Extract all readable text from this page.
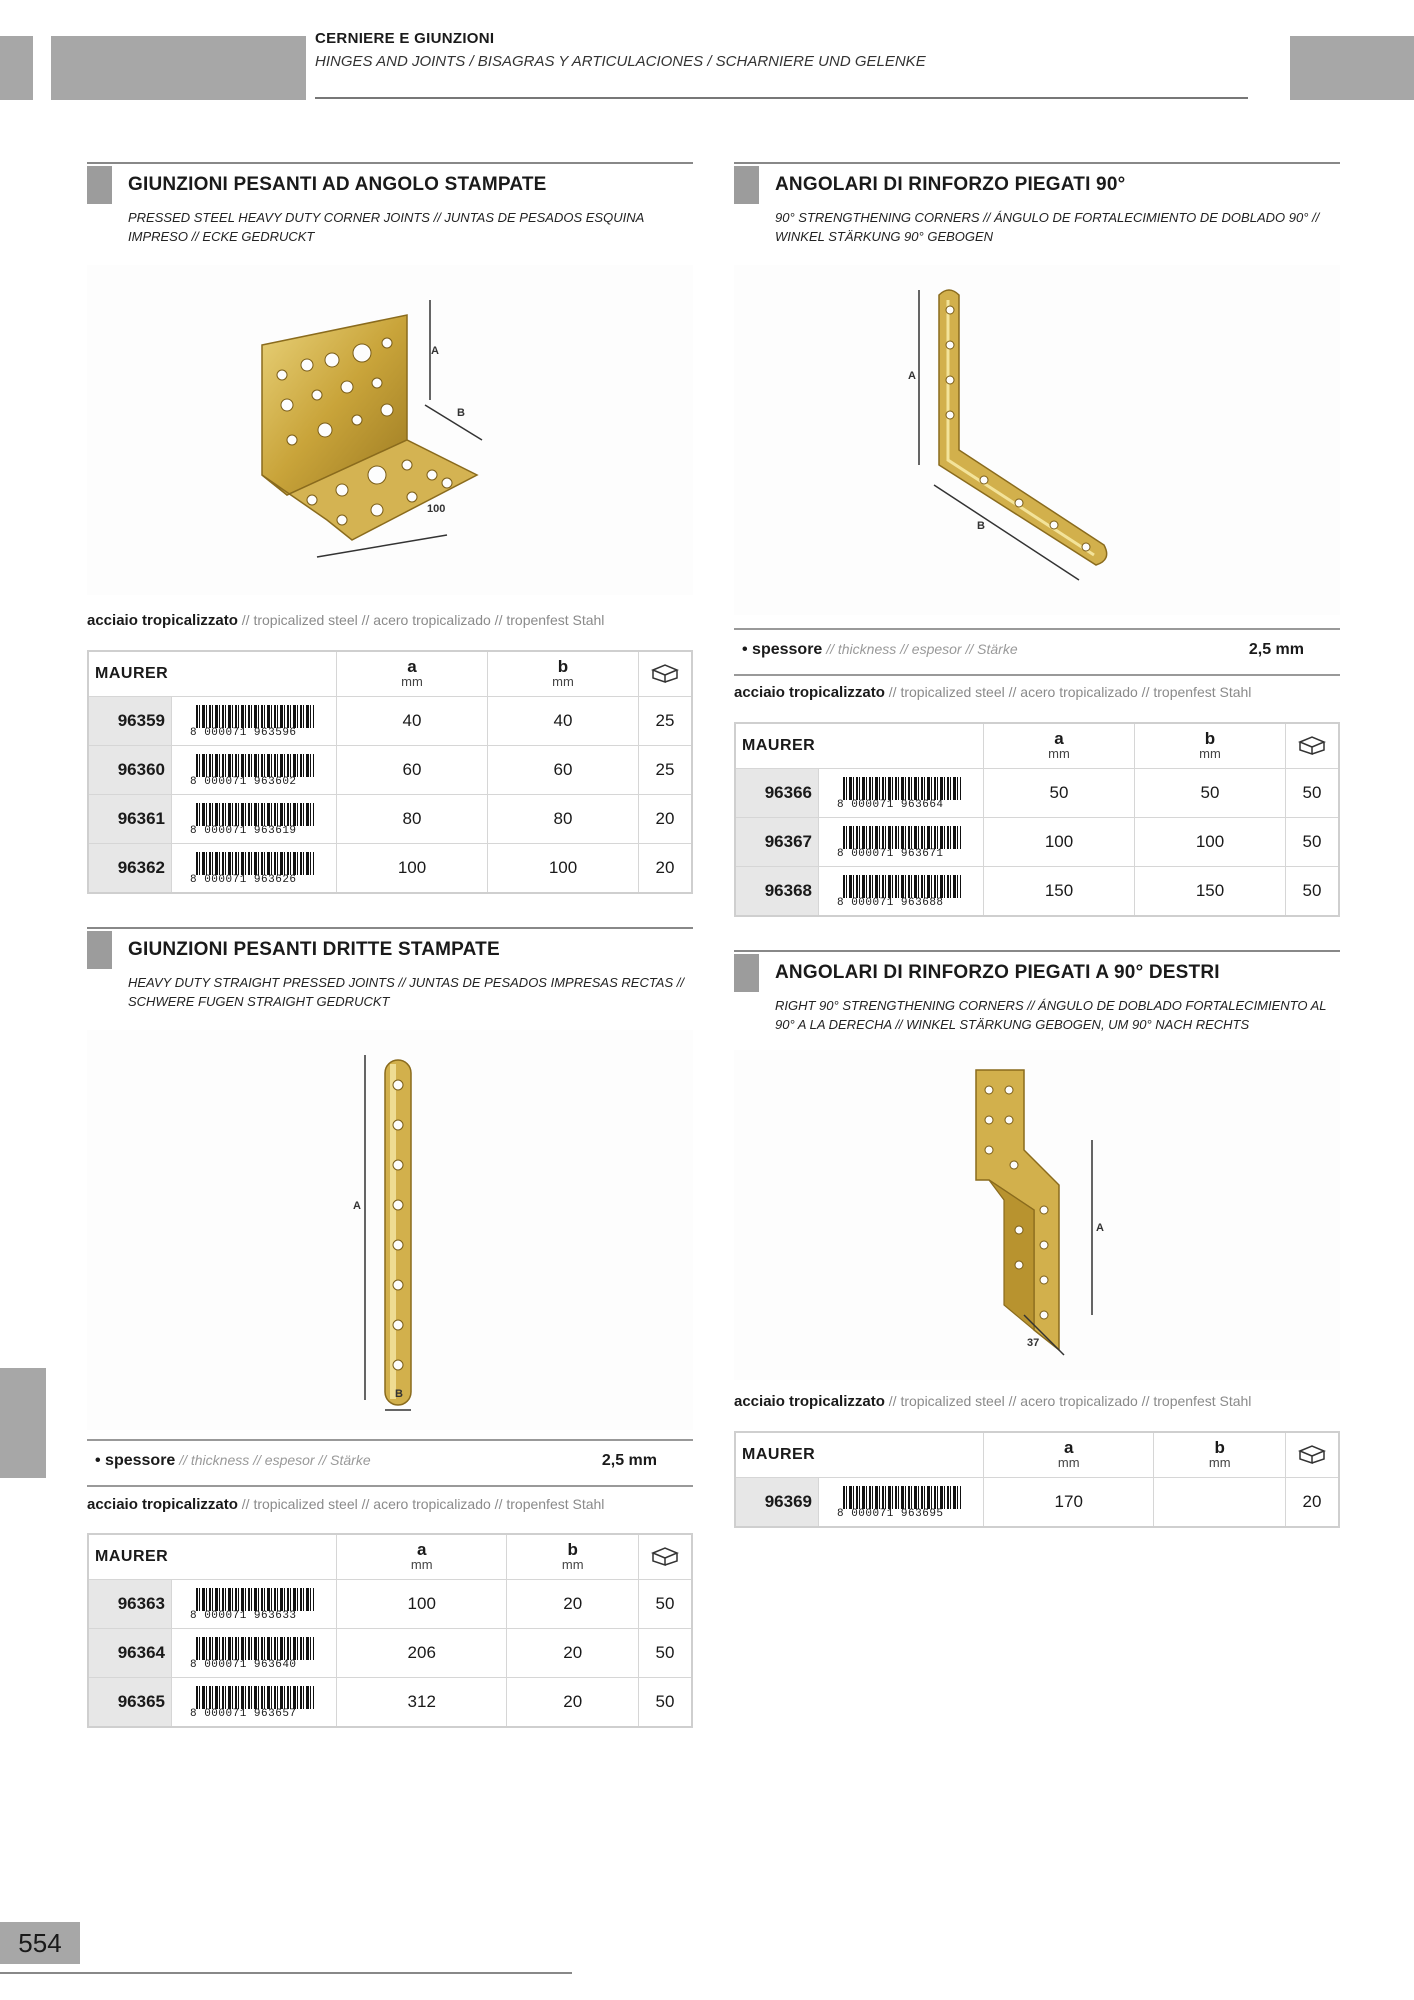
CERNIERE E GIUNZIONI
HINGES AND JOINTS / BISAGRAS Y ARTICULACIONES / SCHARNIERE UND GELENKE
GIUNZIONI PESANTI AD ANGOLO STAMPATE
PRESSED STEEL HEAVY DUTY CORNER JOINTS // JUNTAS DE PESADOS ESQUINA IMPRESO // ECKE GEDRUCKT
A
B
100
acciaio tropicalizzato // tropicalized steel // acero tropicalizado // tropenfest Stahl
MAURER		a
mm	b
mm

96359	8 000071 963596	40	40	25
96360	8 000071 963602	60	60	25
96361	8 000071 963619	80	80	20
96362	8 000071 963626	100	100	20
ANGOLARI DI RINFORZO PIEGATI 90°
90° STRENGTHENING CORNERS // ÁNGULO DE FORTALECIMIENTO DE DOBLADO 90° // WINKEL STÄRKUNG 90° GEBOGEN
A
B
• spessore // thickness // espesor // Stärke	2,5 mm
acciaio tropicalizzato // tropicalized steel // acero tropicalizado // tropenfest Stahl
MAURER		a
mm	b
mm

96366	8 000071 963664	50	50	50
96367	8 000071 963671	100	100	50
96368	8 000071 963688	150	150	50
GIUNZIONI PESANTI DRITTE STAMPATE
HEAVY DUTY STRAIGHT PRESSED JOINTS // JUNTAS DE PESADOS IMPRESAS RECTAS // SCHWERE FUGEN STRAIGHT GEDRUCKT
A
B
• spessore // thickness // espesor // Stärke	2,5 mm
acciaio tropicalizzato // tropicalized steel // acero tropicalizado // tropenfest Stahl
MAURER		a
mm	b
mm

96363	8 000071 963633	100	20	50
96364	8 000071 963640	206	20	50
96365	8 000071 963657	312	20	50
ANGOLARI DI RINFORZO PIEGATI A 90° DESTRI
RIGHT 90° STRENGTHENING CORNERS // ÁNGULO DE DOBLADO FORTALECIMIENTO AL 90° A LA DERECHA // WINKEL STÄRKUNG GEBOGEN, UM 90° NACH RECHTS
A
37
acciaio tropicalizzato // tropicalized steel // acero tropicalizado // tropenfest Stahl
MAURER		a
mm	b
mm

96369	8 000071 963695	170		20
554
